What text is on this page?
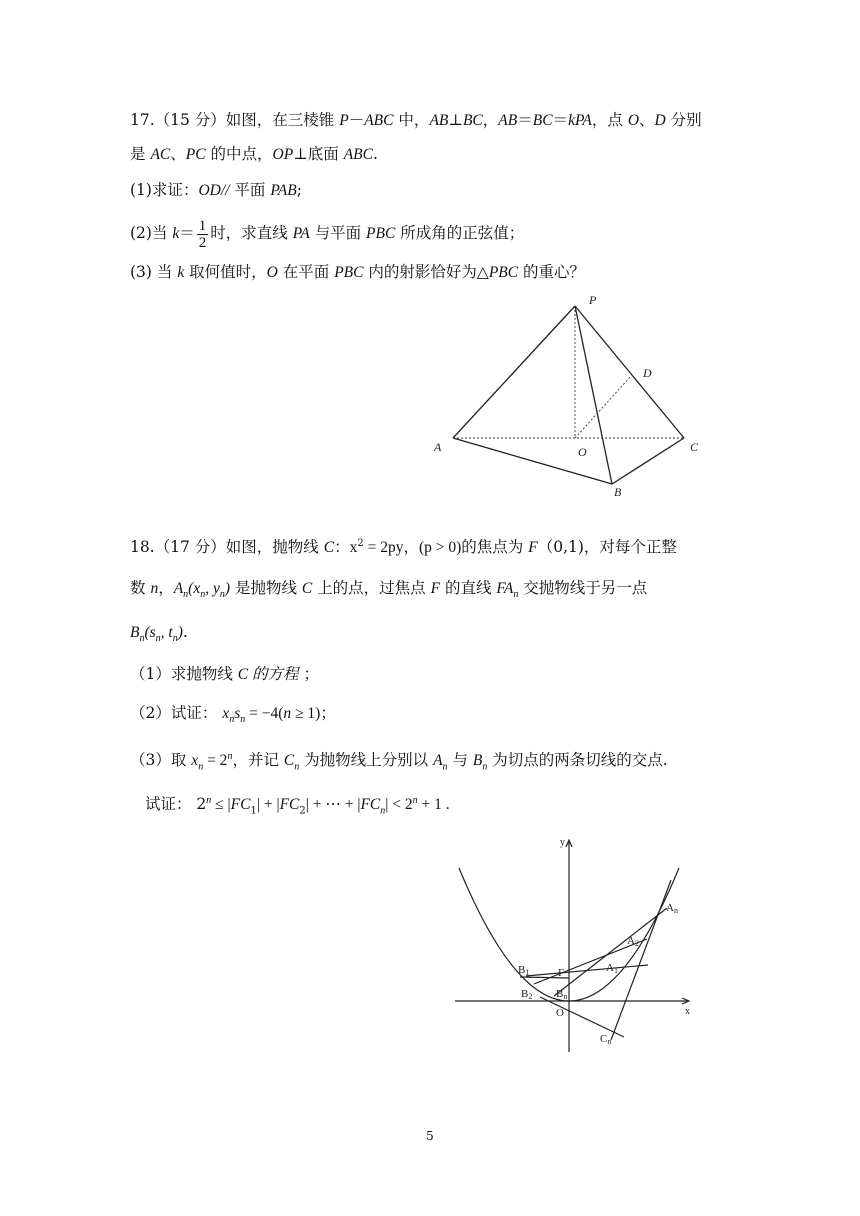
17.（15 分）如图，在三棱锥 P－ABC 中，AB⊥BC，AB＝BC＝kPA，点 O、D 分别
是 AC、PC 的中点，OP⊥底面 ABC.
(1)求证：OD// 平面 PAB;
(2)当 $k= \frac{1}{2}$ 时，求直线 PA 与平面 PBC 所成角的正弦值；
(3) 当 k 取何值时，O 在平面 PBC 内的射影恰好为△PBC 的重心？
P
D
A	O	C
B
18.（17 分）如图，抛物线 C：$x^2 = 2py$，(p > 0)的焦点为 F（0,1)，对每个正整
数 n，$A_n(x_n$, $y_n$) 是抛物线 C 上的点，过焦点 F 的直线 $FA_n$ 交抛物线于另一点
$B_n(s_n$, $t_n$).
（1）求抛物线 C 的方程 ；
（2）试证： $x_ns_n = -4(n \ge 1)$；
（3）取 $x_n = 2^n$，并记 $C_n$ 为抛物线上分别以 $A_n$ 与 $B_n$ 为切点的两条切线的交点.
试证： $2^n \le |FC_1| + |FC_2|$ + ⋯ + $|FC_n| < 2^n + 1$ .
y
x
O
F
An
A2
A1
B1
B2 Bn
Cn
5
